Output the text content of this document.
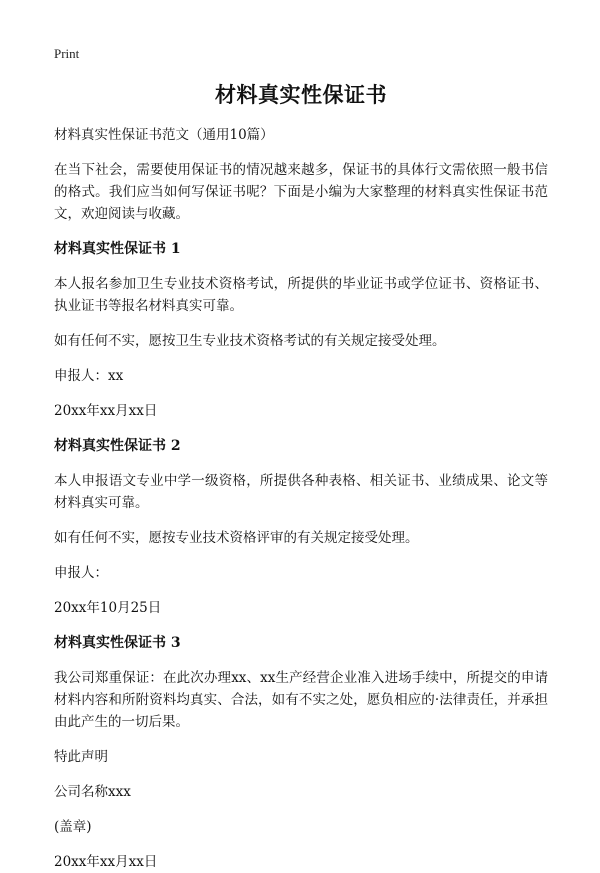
Print
材料真实性保证书

材料真实性保证书范文（通用10篇）

在当下社会，需要使用保证书的情况越来越多，保证书的具体行文需依照一般书信的格式。我们应当如何写保证书呢？下面是小编为大家整理的材料真实性保证书范文，欢迎阅读与收藏。

材料真实性保证书 1

本人报名参加卫生专业技术资格考试，所提供的毕业证书或学位证书、资格证书、执业证书等报名材料真实可靠。

如有任何不实，愿按卫生专业技术资格考试的有关规定接受处理。

申报人：xx

20xx年xx月xx日

材料真实性保证书 2

本人申报语文专业中学一级资格，所提供各种表格、相关证书、业绩成果、论文等材料真实可靠。

如有任何不实，愿按专业技术资格评审的有关规定接受处理。

申报人：

20xx年10月25日

材料真实性保证书 3

我公司郑重保证：在此次办理xx、xx生产经营企业准入进场手续中，所提交的申请材料内容和所附资料均真实、合法，如有不实之处，愿负相应的·法律责任，并承担由此产生的一切后果。

特此声明

公司名称xxx

(盖章)

20xx年xx月xx日
